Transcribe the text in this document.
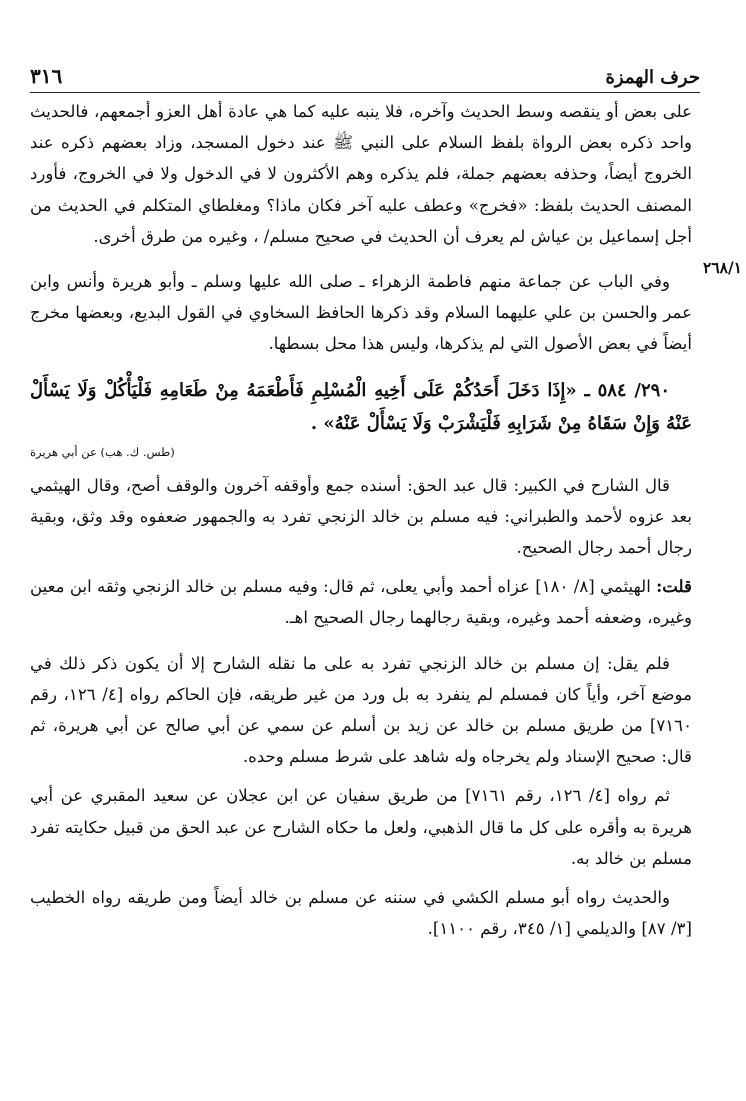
حرف الهمزة
٣١٦
٢٦٨/١

على بعض أو ينقصه وسط الحديث وآخره، فلا ينبه عليه كما هي عادة أهل العزو أجمعهم، فالحديث واحد ذكره بعض الرواة بلفظ السلام على النبي ﷺ عند دخول المسجد، وزاد بعضهم ذكره عند الخروج أيضاً، وحذفه بعضهم جملة، فلم يذكره وهم الأكثرون لا في الدخول ولا في الخروج، فأورد المصنف الحديث بلفظ: «فخرج» وعطف عليه آخر فكان ماذا؟ ومغلطاي المتكلم في الحديث من أجل إسماعيل بن عياش لم يعرف أن الحديث في صحيح مسلم/ ، وغيره من طرق أخرى.

وفي الباب عن جماعة منهم فاطمة الزهراء ـ صلى الله عليها وسلم ـ وأبو هريرة وأنس وابن عمر والحسن بن علي عليهما السلام وقد ذكرها الحافظ السخاوي في القول البديع، وبعضها مخرج أيضاً في بعض الأصول التي لم يذكرها، وليس هذا محل بسطها.

٢٩٠/ ٥٨٤ ـ «إِذَا دَخَلَ أَحَدُكُمْ عَلَى أَخِيهِ الْمُسْلِمِ فَأَطْعَمَهُ مِنْ طَعَامِهِ فَلْيَأْكُلْ وَلَا يَسْأَلْ عَنْهُ وَإِنْ سَقَاهُ مِنْ شَرَابِهِ فَلْيَشْرَبْ وَلَا يَسْأَلْ عَنْهُ» .

(طس. ك. هب) عن أبي هريرة

قال الشارح في الكبير: قال عبد الحق: أسنده جمع وأوقفه آخرون والوقف أصح، وقال الهيثمي بعد عزوه لأحمد والطبراني: فيه مسلم بن خالد الزنجي تفرد به والجمهور ضعفوه وقد وثق، وبقية رجال أحمد رجال الصحيح.

قلت: الهيثمي [٨/ ١٨٠] عزاه أحمد وأبي يعلى، ثم قال: وفيه مسلم بن خالد الزنجي وثقه ابن معين وغيره، وضعفه أحمد وغيره، وبقية رجالهما رجال الصحيح اهـ.

فلم يقل: إن مسلم بن خالد الزنجي تفرد به على ما نقله الشارح إلا أن يكون ذكر ذلك في موضع آخر، وأياً كان فمسلم لم ينفرد به بل ورد من غير طريقه، فإن الحاكم رواه [٤/ ١٢٦، رقم ٧١٦٠] من طريق مسلم بن خالد عن زيد بن أسلم عن سمي عن أبي صالح عن أبي هريرة، ثم قال: صحيح الإسناد ولم يخرجاه وله شاهد على شرط مسلم وحده.

ثم رواه [٤/ ١٢٦، رقم ٧١٦١] من طريق سفيان عن ابن عجلان عن سعيد المقبري عن أبي هريرة به وأقره على كل ما قال الذهبي، ولعل ما حكاه الشارح عن عبد الحق من قبيل حكايته تفرد مسلم بن خالد به.

والحديث رواه أبو مسلم الكشي في سننه عن مسلم بن خالد أيضاً ومن طريقه رواه الخطيب [٣/ ٨٧] والديلمي [١/ ٣٤٥، رقم ١١٠٠].
